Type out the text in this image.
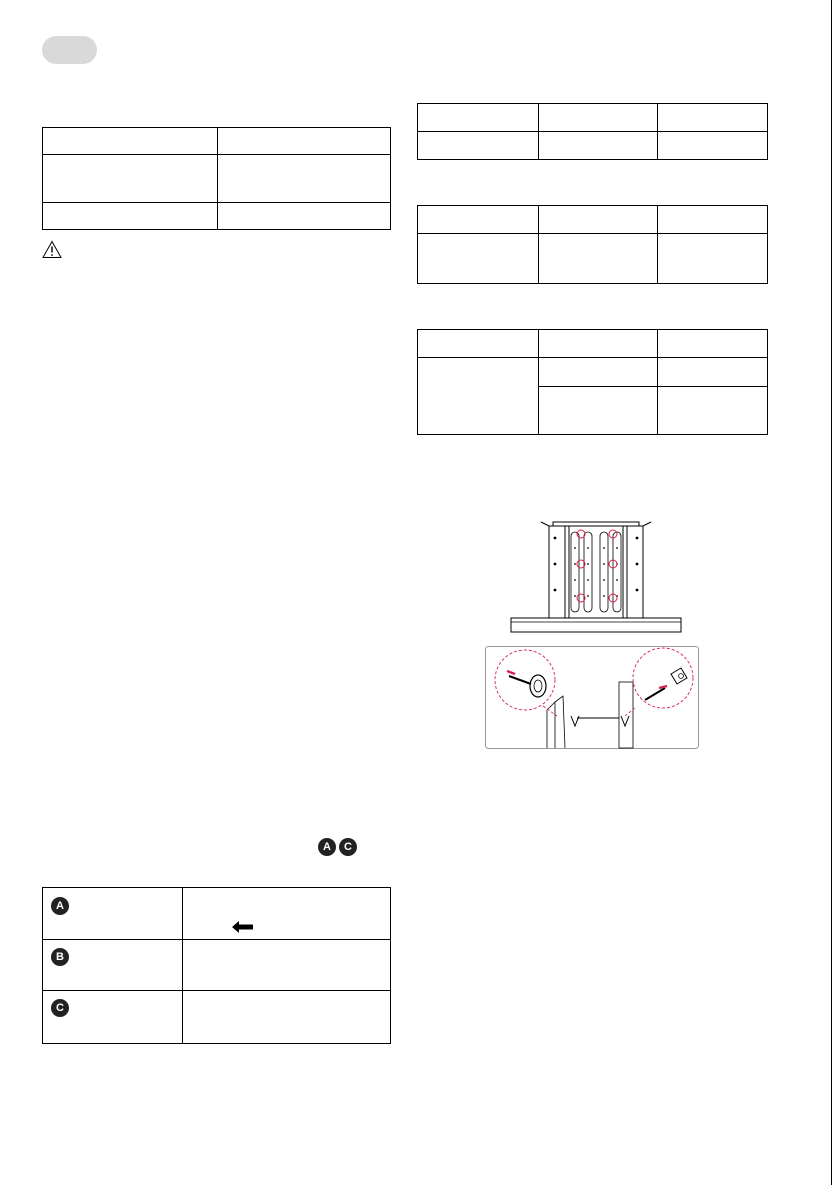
A	C
A
B
C
